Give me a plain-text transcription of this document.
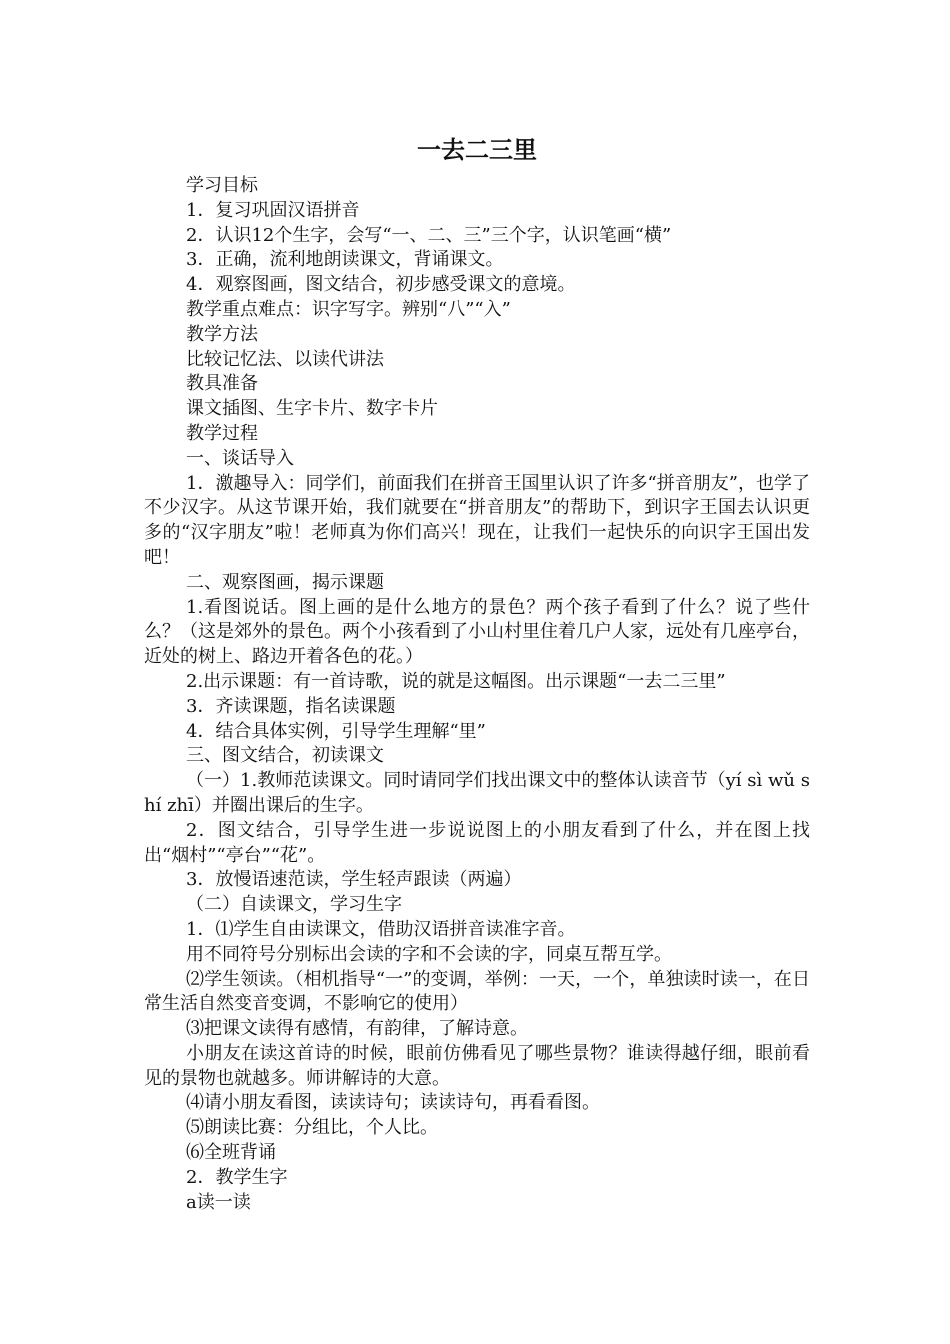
一去二三里
学习目标
1．复习巩固汉语拼音
2．认识12个生字，会写“一、二、三”三个字，认识笔画“横”
3．正确，流利地朗读课文，背诵课文。
4．观察图画，图文结合，初步感受课文的意境。
教学重点难点：识字写字。辨别“八”“入”
教学方法
比较记忆法、以读代讲法
教具准备
课文插图、生字卡片、数字卡片
教学过程
一、谈话导入
1．激趣导入：同学们，前面我们在拼音王国里认识了许多“拼音朋友”，也学了不少汉字。从这节课开始，我们就要在“拼音朋友”的帮助下，到识字王国去认识更多的“汉字朋友”啦！老师真为你们高兴！现在，让我们一起快乐的向识字王国出发吧！
二、观察图画，揭示课题
1.看图说话。图上画的是什么地方的景色？两个孩子看到了什么？说了些什么？（这是郊外的景色。两个小孩看到了小山村里住着几户人家，远处有几座亭台，近处的树上、路边开着各色的花。）
2.出示课题：有一首诗歌，说的就是这幅图。出示课题“一去二三里”
3．齐读课题，指名读课题
4．结合具体实例，引导学生理解“里”
三、图文结合，初读课文
（一）1.教师范读课文。同时请同学们找出课文中的整体认读音节（yí sì wǔ shí zhī）并圈出课后的生字。
2．图文结合，引导学生进一步说说图上的小朋友看到了什么，并在图上找出“烟村”“亭台”“花”。
3．放慢语速范读，学生轻声跟读（两遍）
（二）自读课文，学习生字
1．⑴学生自由读课文，借助汉语拼音读准字音。
用不同符号分别标出会读的字和不会读的字，同桌互帮互学。
⑵学生领读。（相机指导“一”的变调，举例：一天，一个，单独读时读一，在日常生活自然变音变调，不影响它的使用）
⑶把课文读得有感情，有韵律，了解诗意。
小朋友在读这首诗的时候，眼前仿佛看见了哪些景物？谁读得越仔细，眼前看见的景物也就越多。师讲解诗的大意。
⑷请小朋友看图，读读诗句；读读诗句，再看看图。
⑸朗读比赛：分组比，个人比。
⑹全班背诵
2．教学生字
a读一读
